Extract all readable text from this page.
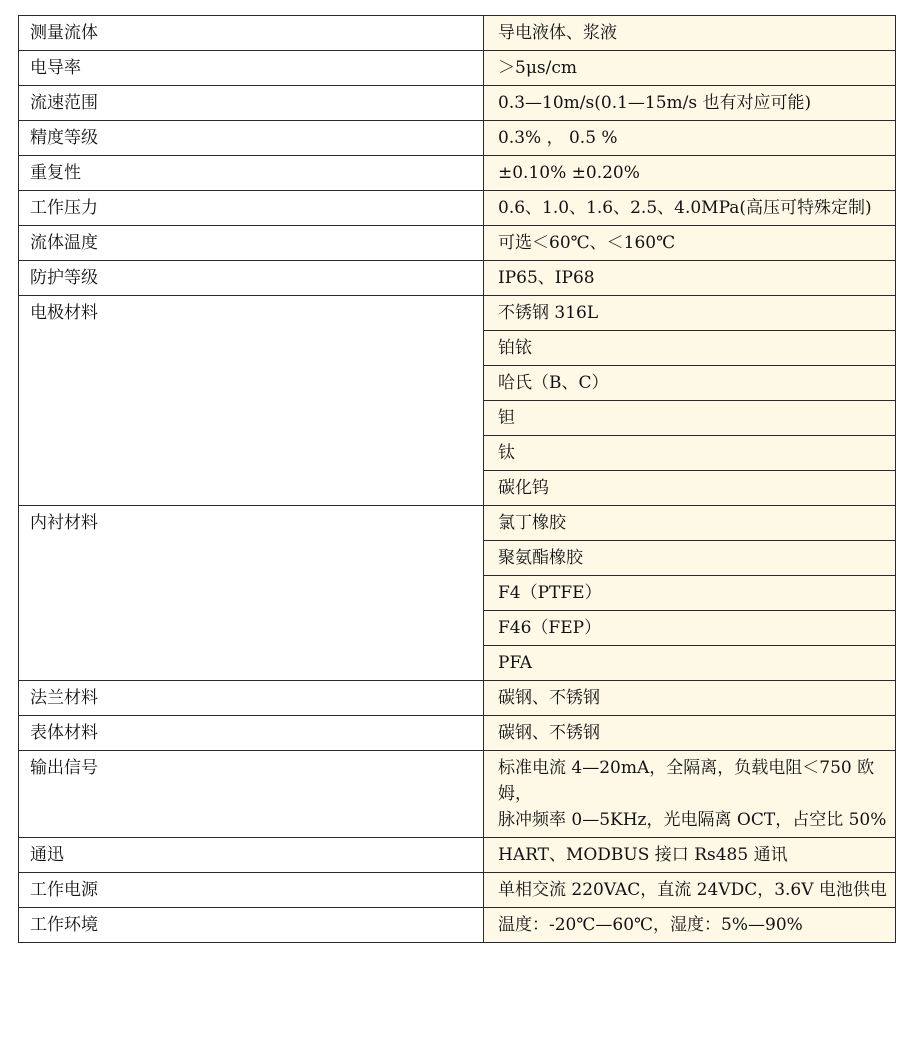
测量流体	导电液体、浆液
电导率	＞5μs/cm
流速范围	0.3—10m/s(0.1—15m/s 也有对应可能)
精度等级	0.3% ， 0.5 %
重复性	±0.10% ±0.20%
工作压力	0.6、1.0、1.6、2.5、4.0MPa(高压可特殊定制)
流体温度	可选＜60℃、＜160℃
防护等级	IP65、IP68
电极材料	不锈钢 316L
	铂铱
	哈氏（B、C）
	钽
	钛
	碳化钨
内衬材料	氯丁橡胶
	聚氨酯橡胶
	F4（PTFE）
	F46（FEP）
	PFA
法兰材料	碳钢、不锈钢
表体材料	碳钢、不锈钢
输出信号	标准电流 4—20mA，全隔离，负载电阻＜750 欧姆，
脉冲频率 0—5KHz，光电隔离 OCT，占空比 50%
通迅	HART、MODBUS 接口 Rs485 通讯
工作电源	单相交流 220VAC，直流 24VDC，3.6V 电池供电
工作环境	温度：-20℃—60℃，湿度：5%—90%
